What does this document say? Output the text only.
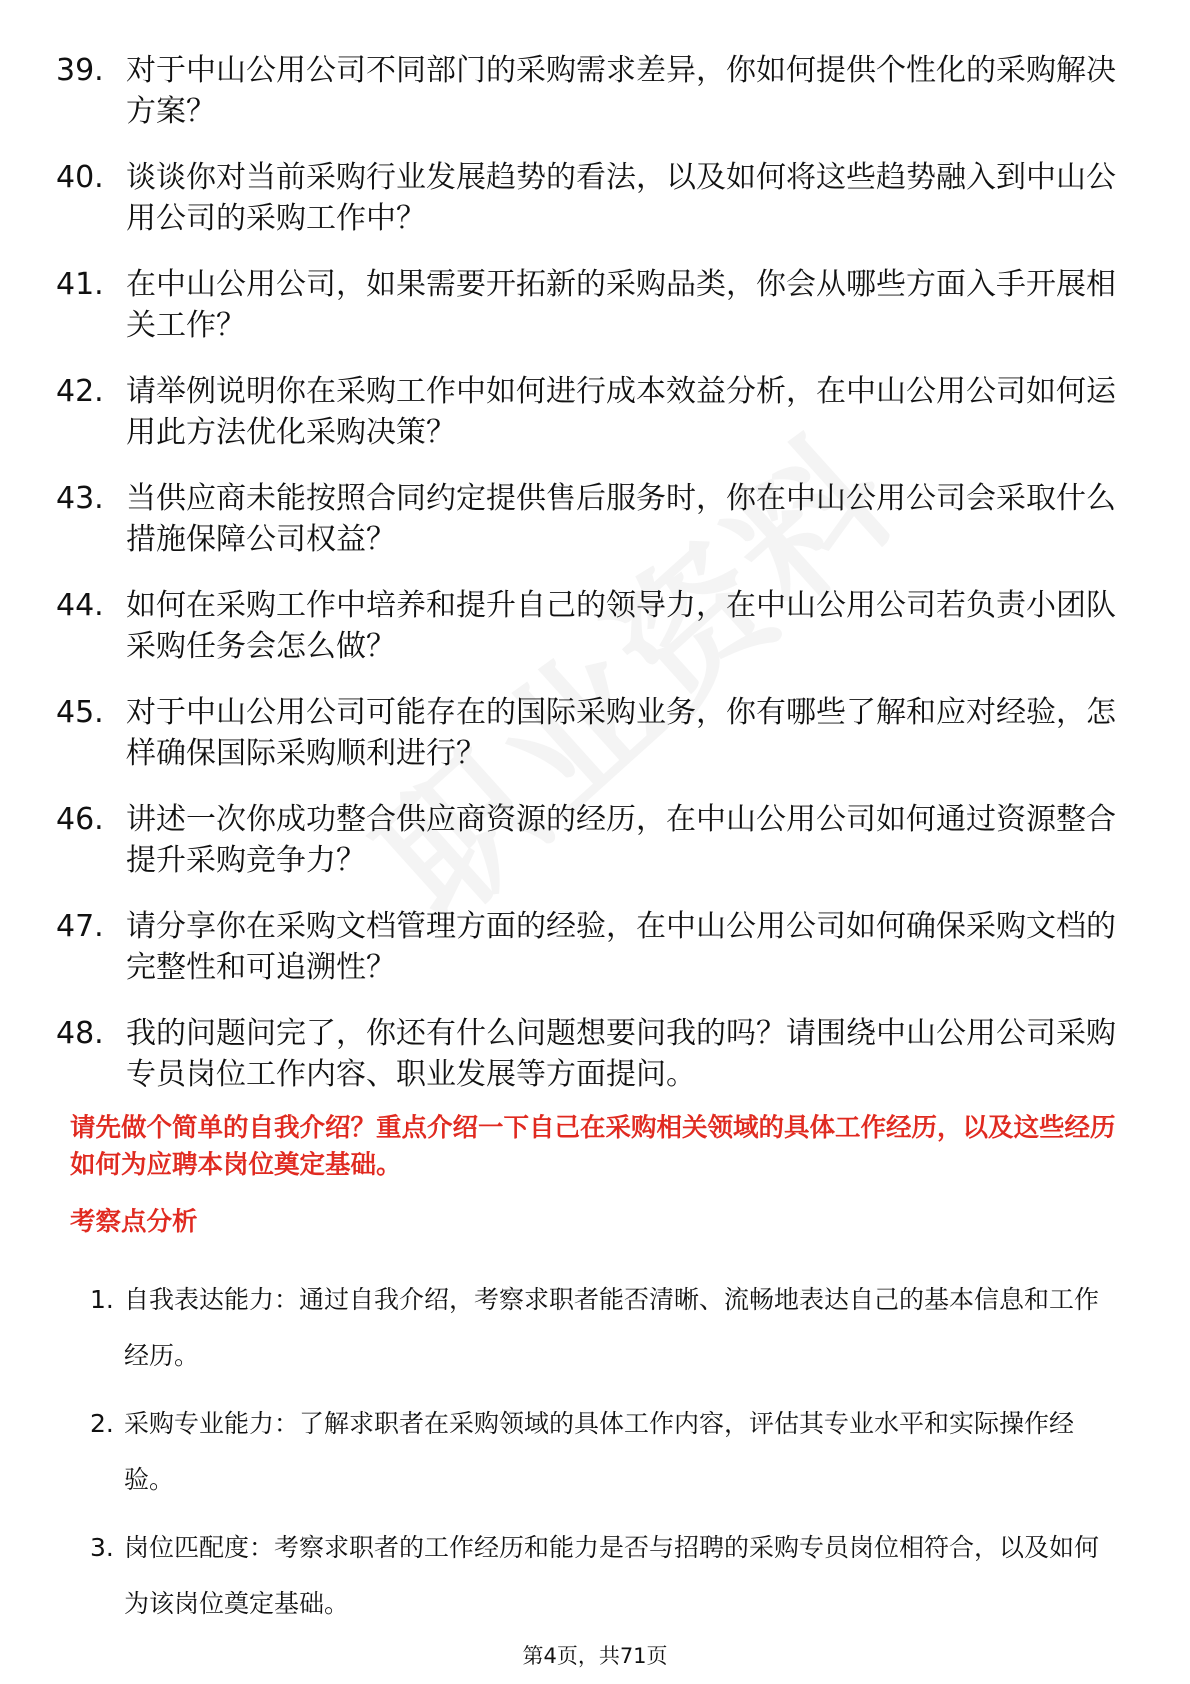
39. 对于中山公用公司不同部门的采购需求差异，你如何提供个性化的采购解决方案？
40. 谈谈你对当前采购行业发展趋势的看法，以及如何将这些趋势融入到中山公用公司的采购工作中？
41. 在中山公用公司，如果需要开拓新的采购品类，你会从哪些方面入手开展相关工作？
42. 请举例说明你在采购工作中如何进行成本效益分析，在中山公用公司如何运用此方法优化采购决策？
43. 当供应商未能按照合同约定提供售后服务时，你在中山公用公司会采取什么措施保障公司权益？
44. 如何在采购工作中培养和提升自己的领导力，在中山公用公司若负责小团队采购任务会怎么做？
45. 对于中山公用公司可能存在的国际采购业务，你有哪些了解和应对经验，怎样确保国际采购顺利进行？
46. 讲述一次你成功整合供应商资源的经历，在中山公用公司如何通过资源整合提升采购竞争力？
47. 请分享你在采购文档管理方面的经验，在中山公用公司如何确保采购文档的完整性和可追溯性？
48. 我的问题问完了，你还有什么问题想要问我的吗？请围绕中山公用公司采购专员岗位工作内容、职业发展等方面提问。
请先做个简单的自我介绍？重点介绍一下自己在采购相关领域的具体工作经历，以及这些经历如何为应聘本岗位奠定基础。
考察点分析
1. 自我表达能力：通过自我介绍，考察求职者能否清晰、流畅地表达自己的基本信息和工作经历。
2. 采购专业能力：了解求职者在采购领域的具体工作内容，评估其专业水平和实际操作经验。
3. 岗位匹配度：考察求职者的工作经历和能力是否与招聘的采购专员岗位相符合，以及如何为该岗位奠定基础。
第4页，共71页
